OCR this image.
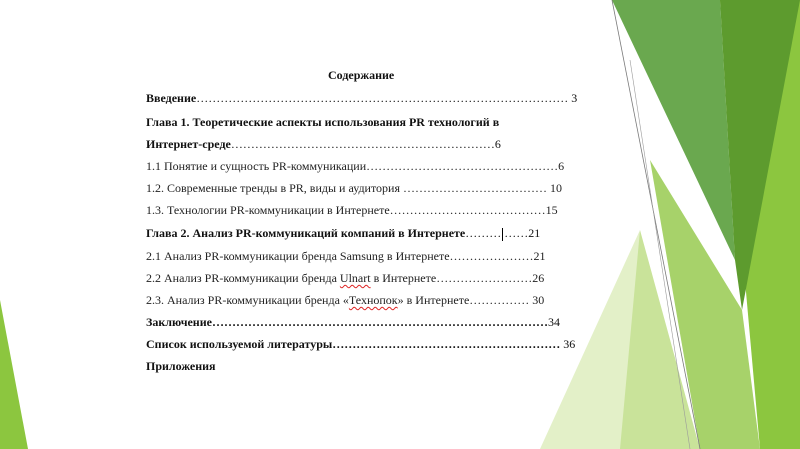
Содержание
Введение………………………………………………………………………………… 3
Глава 1. Теоретические аспекты использования PR технологий в
Интернет-среде…………………………………………………………6
1.1 Понятие и сущность PR-коммуникации…………………………………………6
1.2. Современные тренды в PR, виды и аудитория ……………………………… 10
1.3. Технологии PR-коммуникации в Интернете…………………………………15
Глава 2. Анализ PR-коммуникаций компаний в Интернете……… ……21
2.1 Анализ PR-коммуникации бренда Samsung в Интернете…………………21
2.2 Анализ PR-коммуникации бренда Ulnart в Интернете……………………26
2.3. Анализ PR-коммуникации бренда «Технопок» в Интернете…………… 30
Заключение…………………………………………………………………………34
Список используемой литературы………………………………………………… 36
Приложения
